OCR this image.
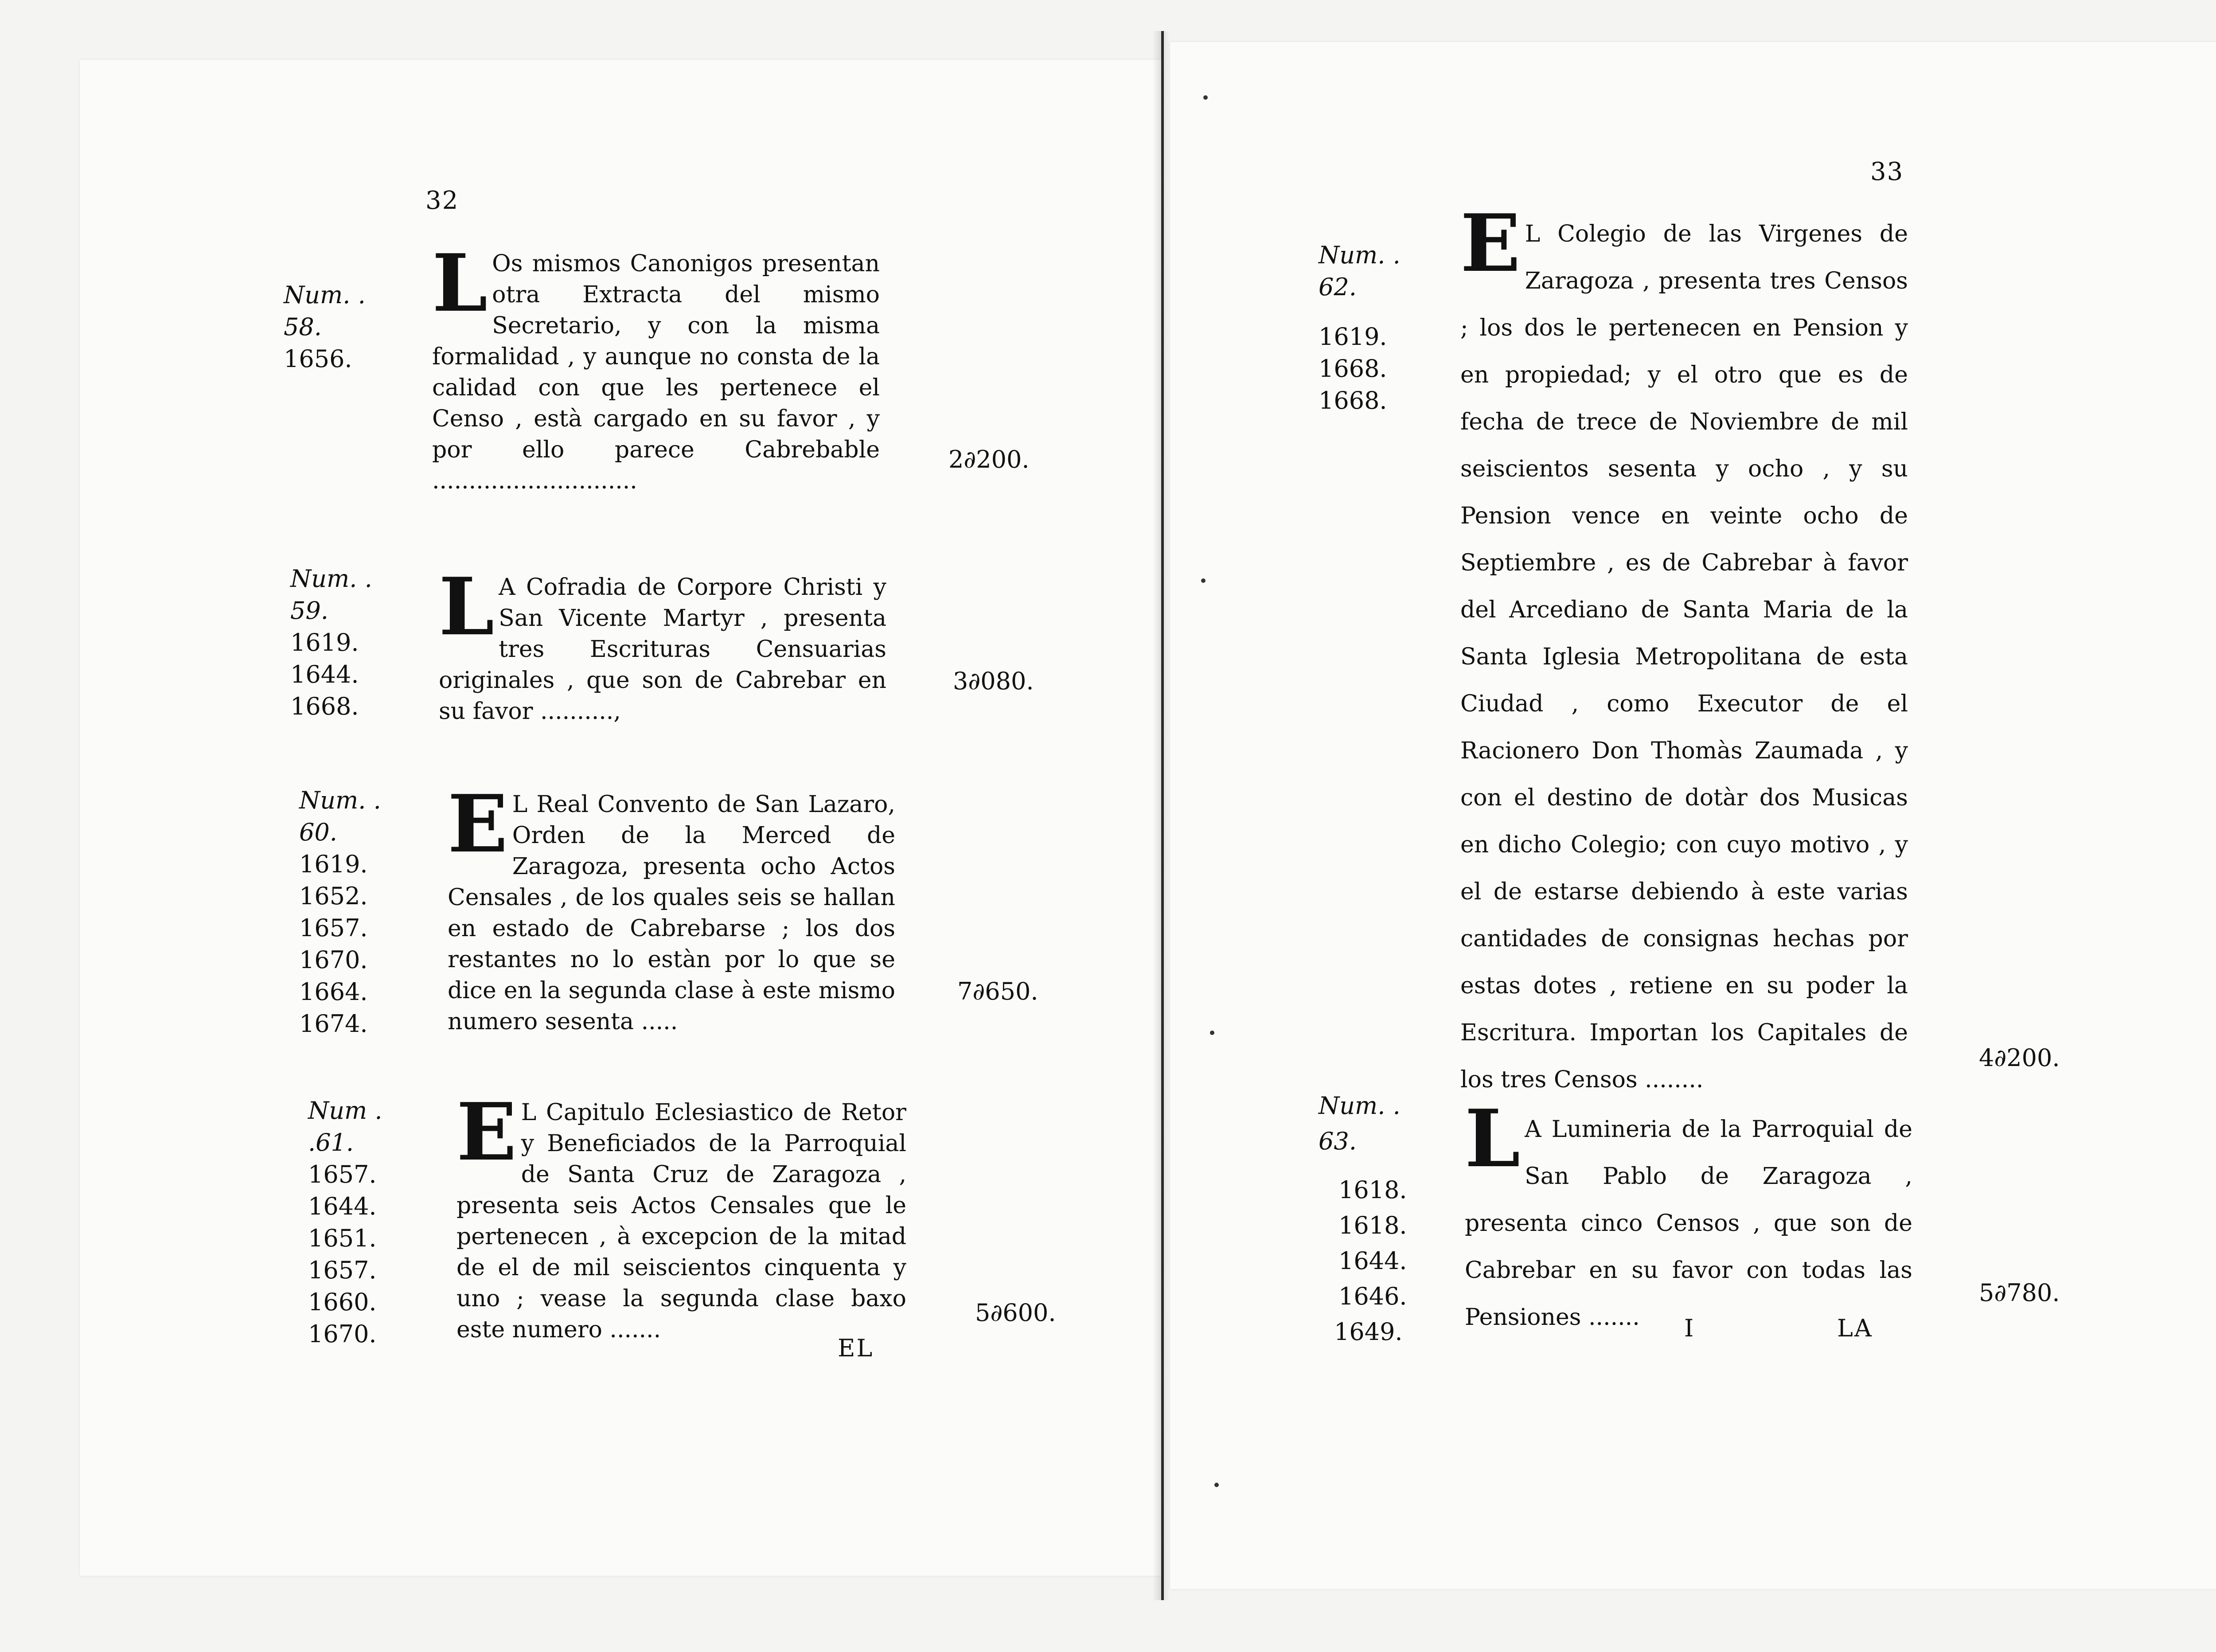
32
Num. . 58.
1656.
L Os mismos Canonigos presentan otra Extracta del mismo Secretario, y con la misma formalidad , y aunque no consta de la calidad con que les pertenece el Censo , està cargado en su favor , y por ello parece Cabrebable ............................
2∂200.
Num. . 59.
1619.
1644.
1668.
L A Cofradia de Corpore Christi y San Vicente Martyr , presenta tres Escrituras Censuarias originales , que son de Cabrebar en su favor ..........,
3∂080.
Num. . 60.
1619.
1652.
1657.
1670.
1664.
1674.
E L Real Convento de San Lazaro, Orden de la Merced de Zaragoza, presenta ocho Actos Censales , de los quales seis se hallan en estado de Cabrebarse ; los dos restantes no lo estàn por lo que se dice en la segunda clase à este mismo numero sesenta .....
7∂650.
Num . .61.
1657.
1644.
1651.
1657.
1660.
1670.
E L Capitulo Eclesiastico de Retor y Beneficiados de la Parroquial de Santa Cruz de Zaragoza , presenta seis Actos Censales que le pertenecen , à excepcion de la mitad de el de mil seiscientos cinquenta y uno ; vease la segunda clase baxo este numero .......
5∂600.
EL
33
Num. . 62.
1619.
1668.
1668.
E L Colegio de las Virgenes de Zaragoza , presenta tres Censos ; los dos le pertenecen en Pension y en propiedad; y el otro que es de fecha de trece de Noviembre de mil seiscientos sesenta y ocho , y su Pension vence en veinte ocho de Septiembre , es de Cabrebar à favor del Arcediano de Santa Maria de la Santa Iglesia Metropolitana de esta Ciudad , como Executor de el Racionero Don Thomàs Zaumada , y con el destino de dotàr dos Musicas en dicho Colegio; con cuyo motivo , y el de estarse debiendo à este varias cantidades de consignas hechas por estas dotes , retiene en su poder la Escritura. Importan los Capitales de los tres Censos ........
4∂200.
Num. . 63.
1618.
1618.
1644.
1646.
1649.
L A Lumineria de la Parroquial de San Pablo de Zaragoza , presenta cinco Censos , que son de Cabrebar en su favor con todas las Pensiones .......
5∂780.
I	LA
